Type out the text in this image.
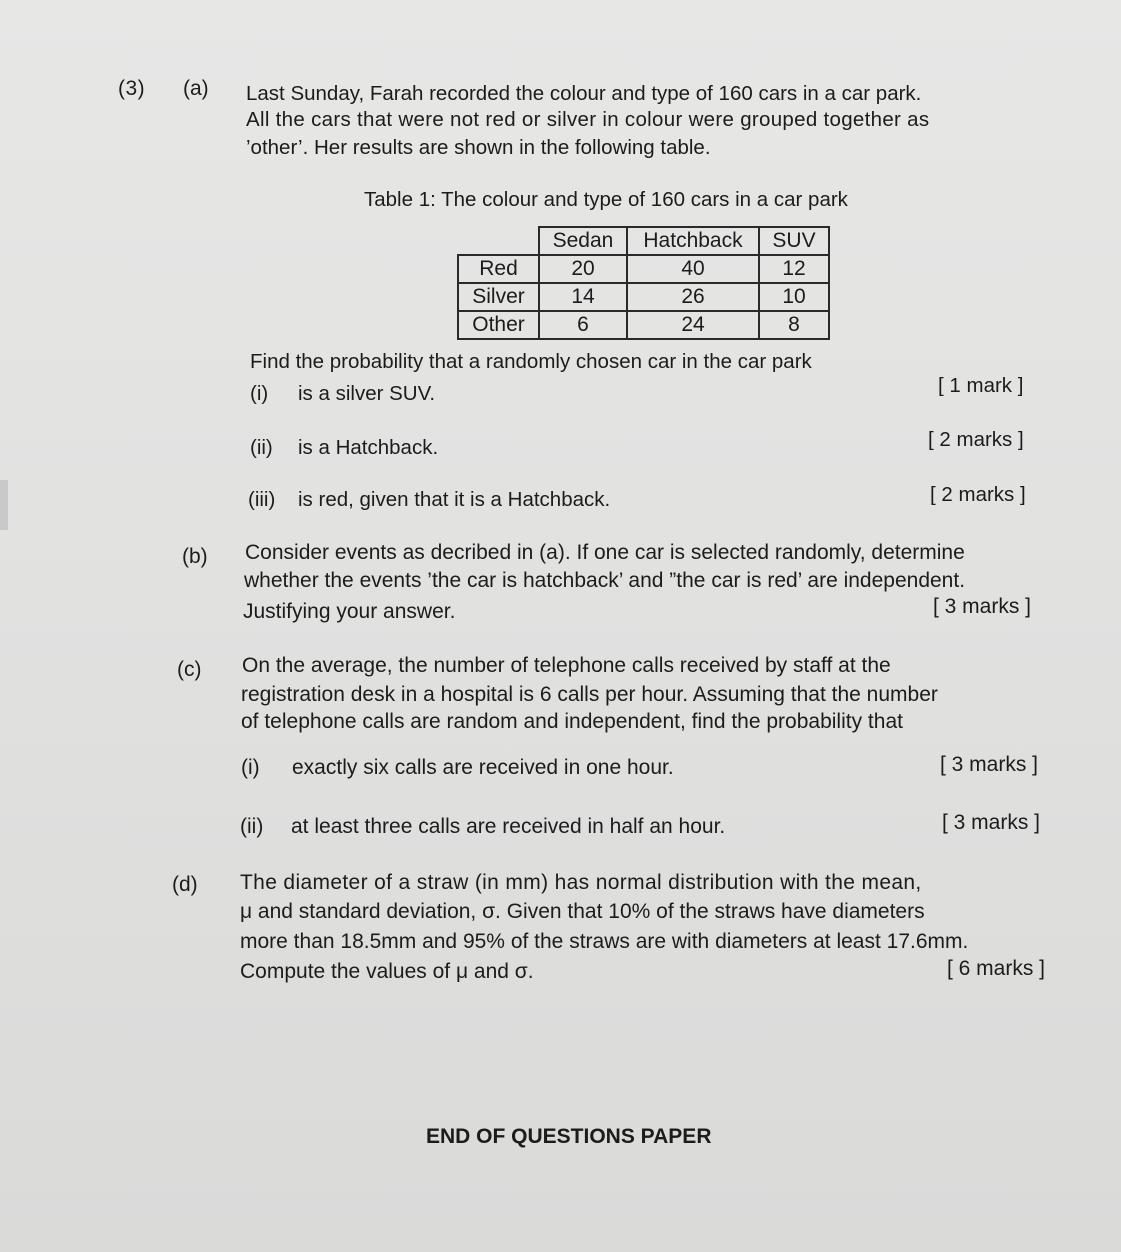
(3) (a) Last Sunday, Farah recorded the colour and type of 160 cars in a car park.
All the cars that were not red or silver in colour were grouped together as
’other’. Her results are shown in the following table.
Table 1: The colour and type of 160 cars in a car park
	Sedan	Hatchback	SUV
Red	20	40	12
Silver	14	26	10
Other	6	24	8
Find the probability that a randomly chosen car in the car park
(i) is a silver SUV.	[ 1 mark ]
(ii) is a Hatchback.	[ 2 marks ]
(iii) is red, given that it is a Hatchback.	[ 2 marks ]
(b) Consider events as decribed in (a). If one car is selected randomly, determine
whether the events ’the car is hatchback’ and ”the car is red’ are independent.
Justifying your answer.	[ 3 marks ]
(c) On the average, the number of telephone calls received by staff at the
registration desk in a hospital is 6 calls per hour. Assuming that the number
of telephone calls are random and independent, find the probability that
(i) exactly six calls are received in one hour.	[ 3 marks ]
(ii) at least three calls are received in half an hour.	[ 3 marks ]
(d) The diameter of a straw (in mm) has normal distribution with the mean,
μ and standard deviation, σ. Given that 10% of the straws have diameters
more than 18.5mm and 95% of the straws are with diameters at least 17.6mm.
Compute the values of μ and σ.	[ 6 marks ]
END OF QUESTIONS PAPER
